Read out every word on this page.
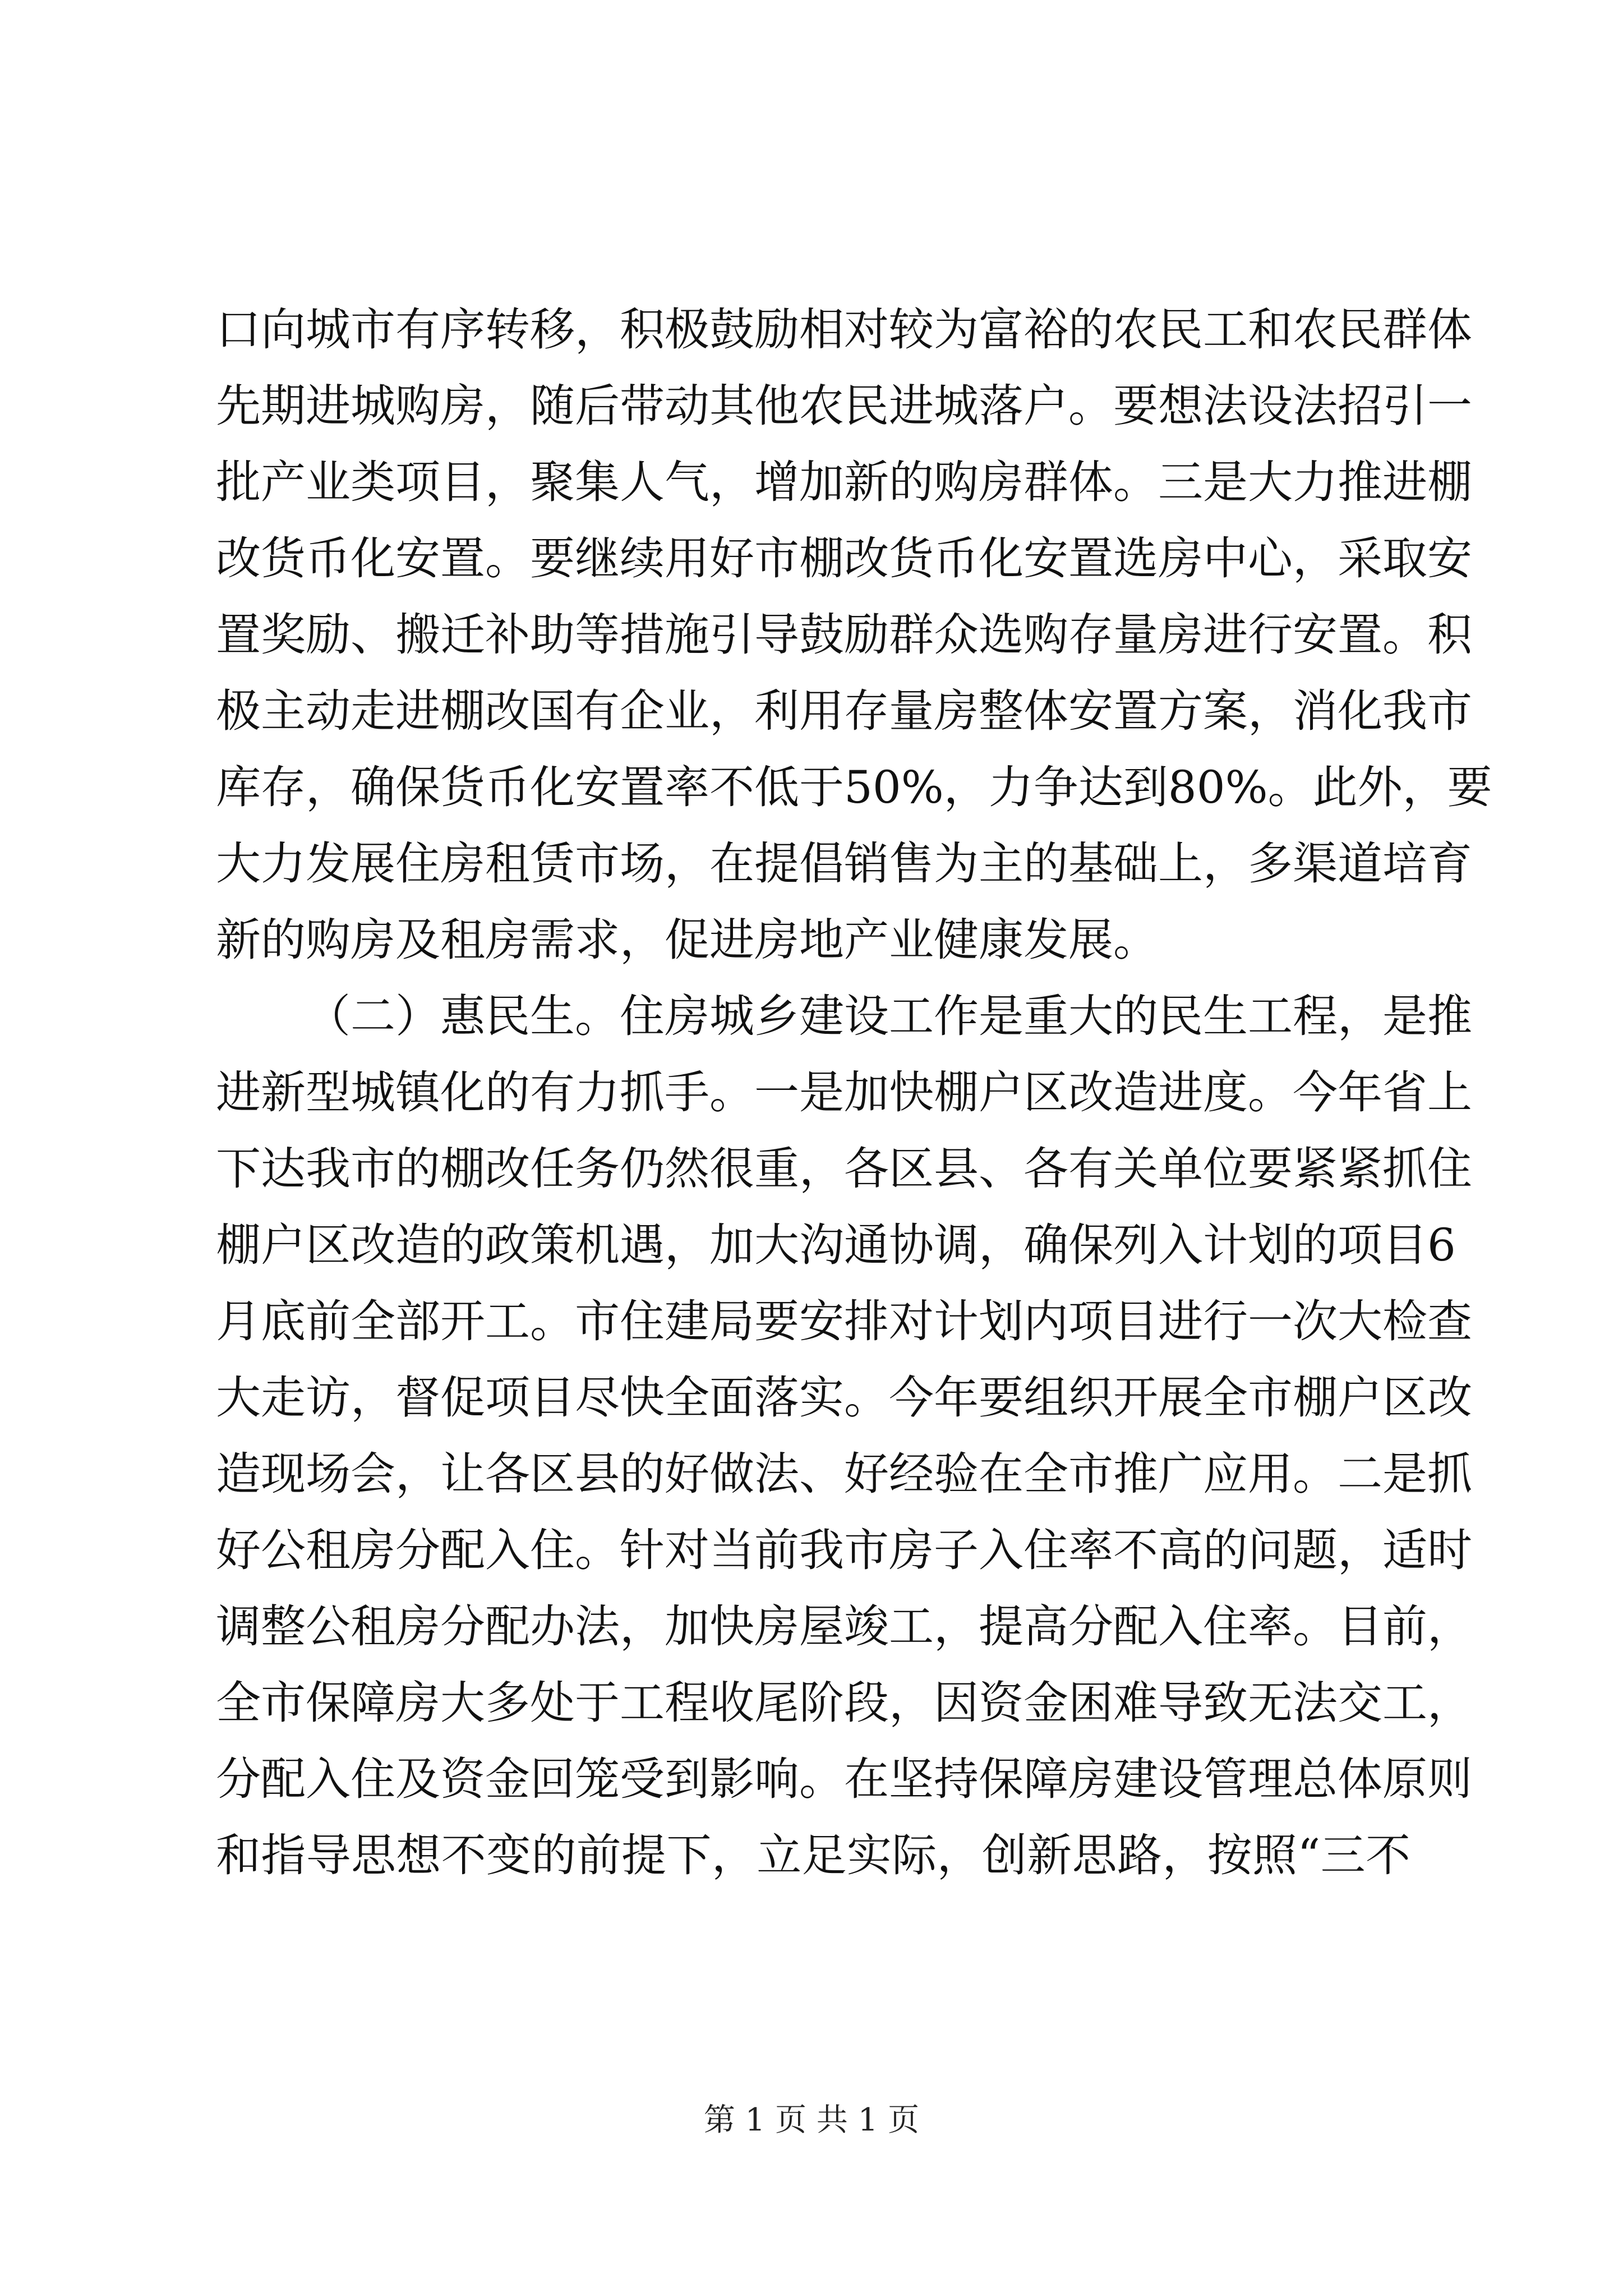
口向城市有序转移，积极鼓励相对较为富裕的农民工和农民群体
先期进城购房，随后带动其他农民进城落户。要想法设法招引一
批产业类项目，聚集人气，增加新的购房群体。三是大力推进棚
改货币化安置。要继续用好市棚改货币化安置选房中心，采取安
置奖励、搬迁补助等措施引导鼓励群众选购存量房进行安置。积
极主动走进棚改国有企业，利用存量房整体安置方案，消化我市
库存，确保货币化安置率不低于50%，力争达到80%。此外，要
大力发展住房租赁市场，在提倡销售为主的基础上，多渠道培育
新的购房及租房需求，促进房地产业健康发展。
（二）惠民生。住房城乡建设工作是重大的民生工程，是推
进新型城镇化的有力抓手。一是加快棚户区改造进度。今年省上
下达我市的棚改任务仍然很重，各区县、各有关单位要紧紧抓住
棚户区改造的政策机遇，加大沟通协调，确保列入计划的项目6
月底前全部开工。市住建局要安排对计划内项目进行一次大检查
大走访，督促项目尽快全面落实。今年要组织开展全市棚户区改
造现场会，让各区县的好做法、好经验在全市推广应用。二是抓
好公租房分配入住。针对当前我市房子入住率不高的问题，适时
调整公租房分配办法，加快房屋竣工，提高分配入住率。目前，
全市保障房大多处于工程收尾阶段，因资金困难导致无法交工，
分配入住及资金回笼受到影响。在坚持保障房建设管理总体原则
和指导思想不变的前提下，立足实际，创新思路，按照“三不
第 1 页 共 1 页
